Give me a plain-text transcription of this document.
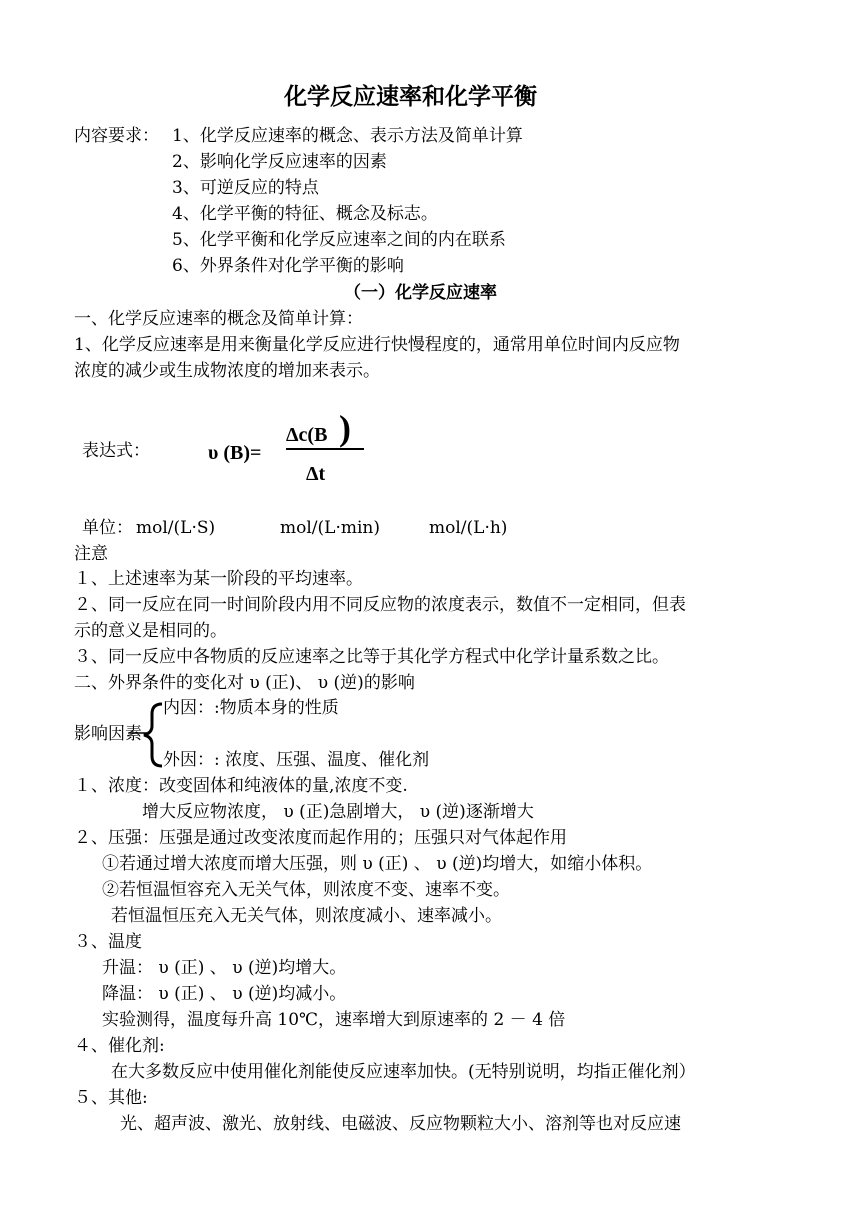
化学反应速率和化学平衡
内容要求： 1、化学反应速率的概念、表示方法及简单计算
2、影响化学反应速率的因素
3、可逆反应的特点
4、化学平衡的特征、概念及标志。
5、化学平衡和化学反应速率之间的内在联系
6、外界条件对化学平衡的影响
（一）化学反应速率
一、化学反应速率的概念及简单计算：
1、化学反应速率是用来衡量化学反应进行快慢程度的，通常用单位时间内反应物
浓度的减少或生成物浓度的增加来表示。
表达式：	υ (B)=
Δc(B )
Δt
单位： mol/(L·S)	mol/(L·min)	mol/(L·h)
注意
１、上述速率为某一阶段的平均速率。
２、同一反应在同一时间阶段内用不同反应物的浓度表示，数值不一定相同，但表
示的意义是相同的。
３、同一反应中各物质的反应速率之比等于其化学方程式中化学计量系数之比。
二、外界条件的变化对 υ (正)、 υ (逆)的影响
内因：:物质本身的性质
影响因素
外因：: 浓度、压强、温度、催化剂
１、浓度：改变固体和纯液体的量,浓度不变.
增大反应物浓度， υ (正)急剧增大， υ (逆)逐渐增大
２、压强：压强是通过改变浓度而起作用的；压强只对气体起作用
①若通过增大浓度而增大压强，则 υ (正) 、 υ (逆)均增大，如缩小体积。
②若恒温恒容充入无关气体，则浓度不变、速率不变。
若恒温恒压充入无关气体，则浓度减小、速率减小。
３、温度
升温： υ (正) 、 υ (逆)均增大。
降温： υ (正) 、 υ (逆)均减小。
实验测得，温度每升高 10℃，速率增大到原速率的 2 － 4 倍
４、催化剂:
在大多数反应中使用催化剂能使反应速率加快。(无特别说明，均指正催化剂）
５、其他:
光、超声波、激光、放射线、电磁波、反应物颗粒大小、溶剂等也对反应速
